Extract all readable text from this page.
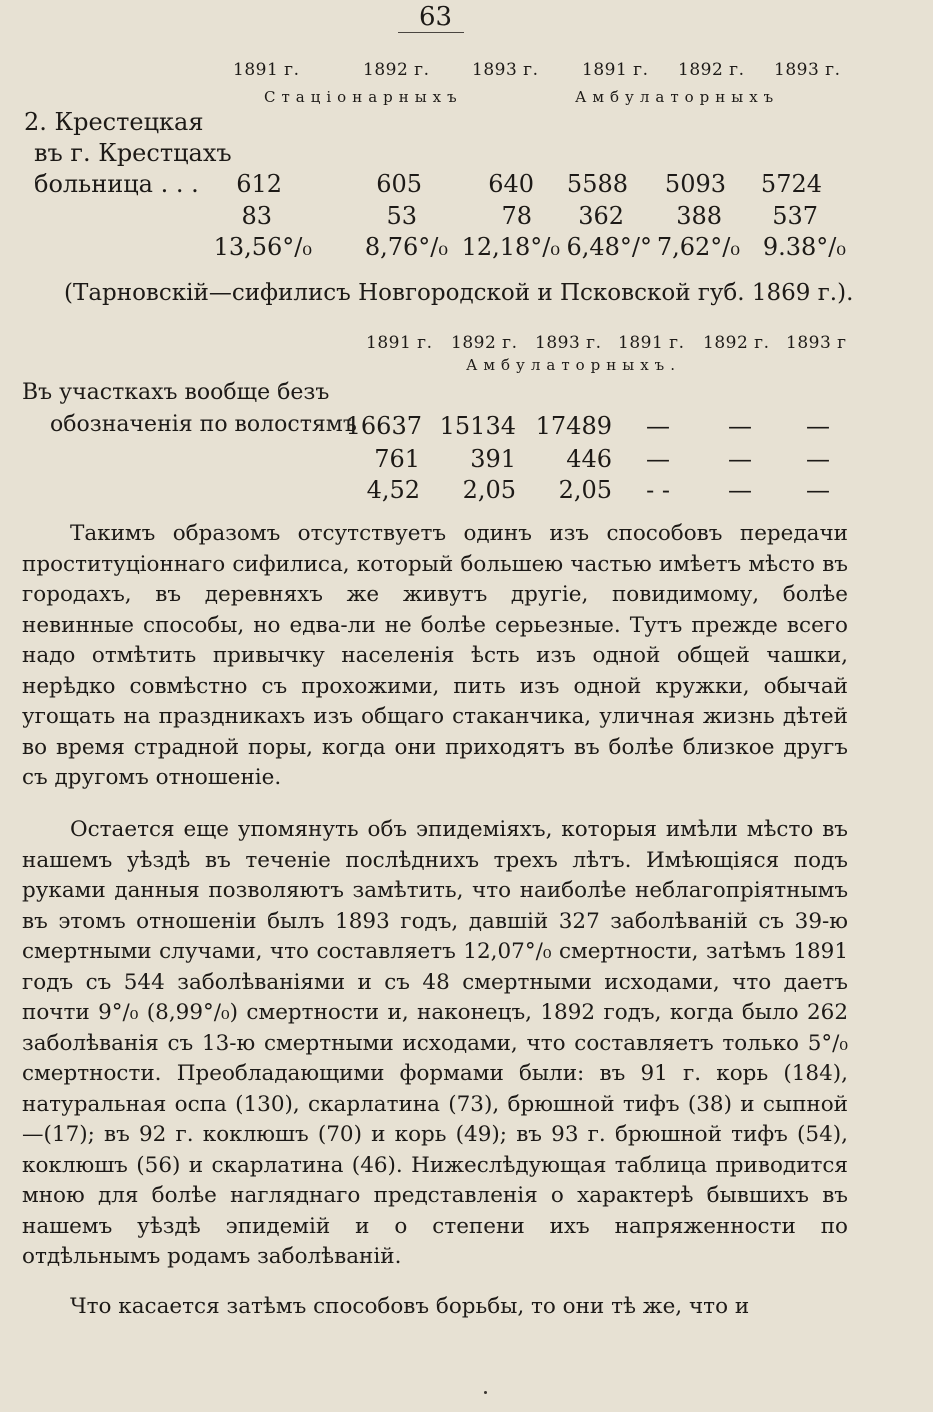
63
1891 г.	1892 г.	1893 г.	1891 г. 1892 г. 1893 г.
Стаціонарныхъ	Амбулаторныхъ
2. Крестецкая
въ г. Крестцахъ
больница . . .	612	605	640	5588	5093	5724
83	53	78	362	388	537
13,56°/₀	8,76°/₀ 12,18°/₀ 6,48°/° 7,62°/₀ 9.38°/₀
(Тарновскій—сифилисъ Новгородской и Псковской губ. 1869 г.).
1891 г. 1892 г. 1893 г. 1891 г. 1892 г. 1893 г
Амбулаторныхъ.
Въ участкахъ вообще безъ
обозначенія по волостямъ
16637 15134 17489	—	—	—
761	391	446	—	—	—
4,52	2,05	2,05	- -	—	—

Такимъ образомъ отсутствуетъ одинъ изъ способовъ передачи проституціоннаго сифилиса, который большею частью имѣетъ мѣсто въ городахъ, въ деревняхъ же живутъ другіе, повидимому, болѣе невинные способы, но едва-ли не болѣе серьезные. Тутъ прежде всего надо отмѣтить привычку населенія ѣсть изъ одной общей чашки, нерѣдко совмѣстно съ прохожими, пить изъ одной кружки, обычай угощать на праздникахъ изъ общаго стаканчика, уличная жизнь дѣтей во время страдной поры, когда они приходятъ въ болѣе близкое другъ съ другомъ отношеніе.

Остается еще упомянуть объ эпидеміяхъ, которыя имѣли мѣсто въ нашемъ уѣздѣ въ теченіе послѣднихъ трехъ лѣтъ. Имѣющіяся подъ руками данныя позволяютъ замѣтить, что наиболѣе неблагопріятнымъ въ этомъ отношеніи былъ 1893 годъ, давшій 327 заболѣваній съ 39-ю смертными случами, что составляетъ 12,07°/₀ смертности, затѣмъ 1891 годъ съ 544 заболѣваніями и съ 48 смертными исходами, что даетъ почти 9°/₀ (8,99°/₀) смертности и, наконецъ, 1892 годъ, когда было 262 заболѣванія съ 13-ю смертными исходами, что составляетъ только 5°/₀ смертности. Преобладающими формами были: въ 91 г. корь (184), натуральная оспа (130), скарлатина (73), брюшной тифъ (38) и сыпной—(17); въ 92 г. коклюшъ (70) и корь (49); въ 93 г. брюшной тифъ (54), коклюшъ (56) и скарлатина (46). Нижеслѣдующая таблица приводится мною для болѣе нагляднаго представленія о характерѣ бывшихъ въ нашемъ уѣздѣ эпидемій и о степени ихъ напряженности по отдѣльнымъ родамъ заболѣваній.

Что касается затѣмъ способовъ борьбы, то они тѣ же, что и
